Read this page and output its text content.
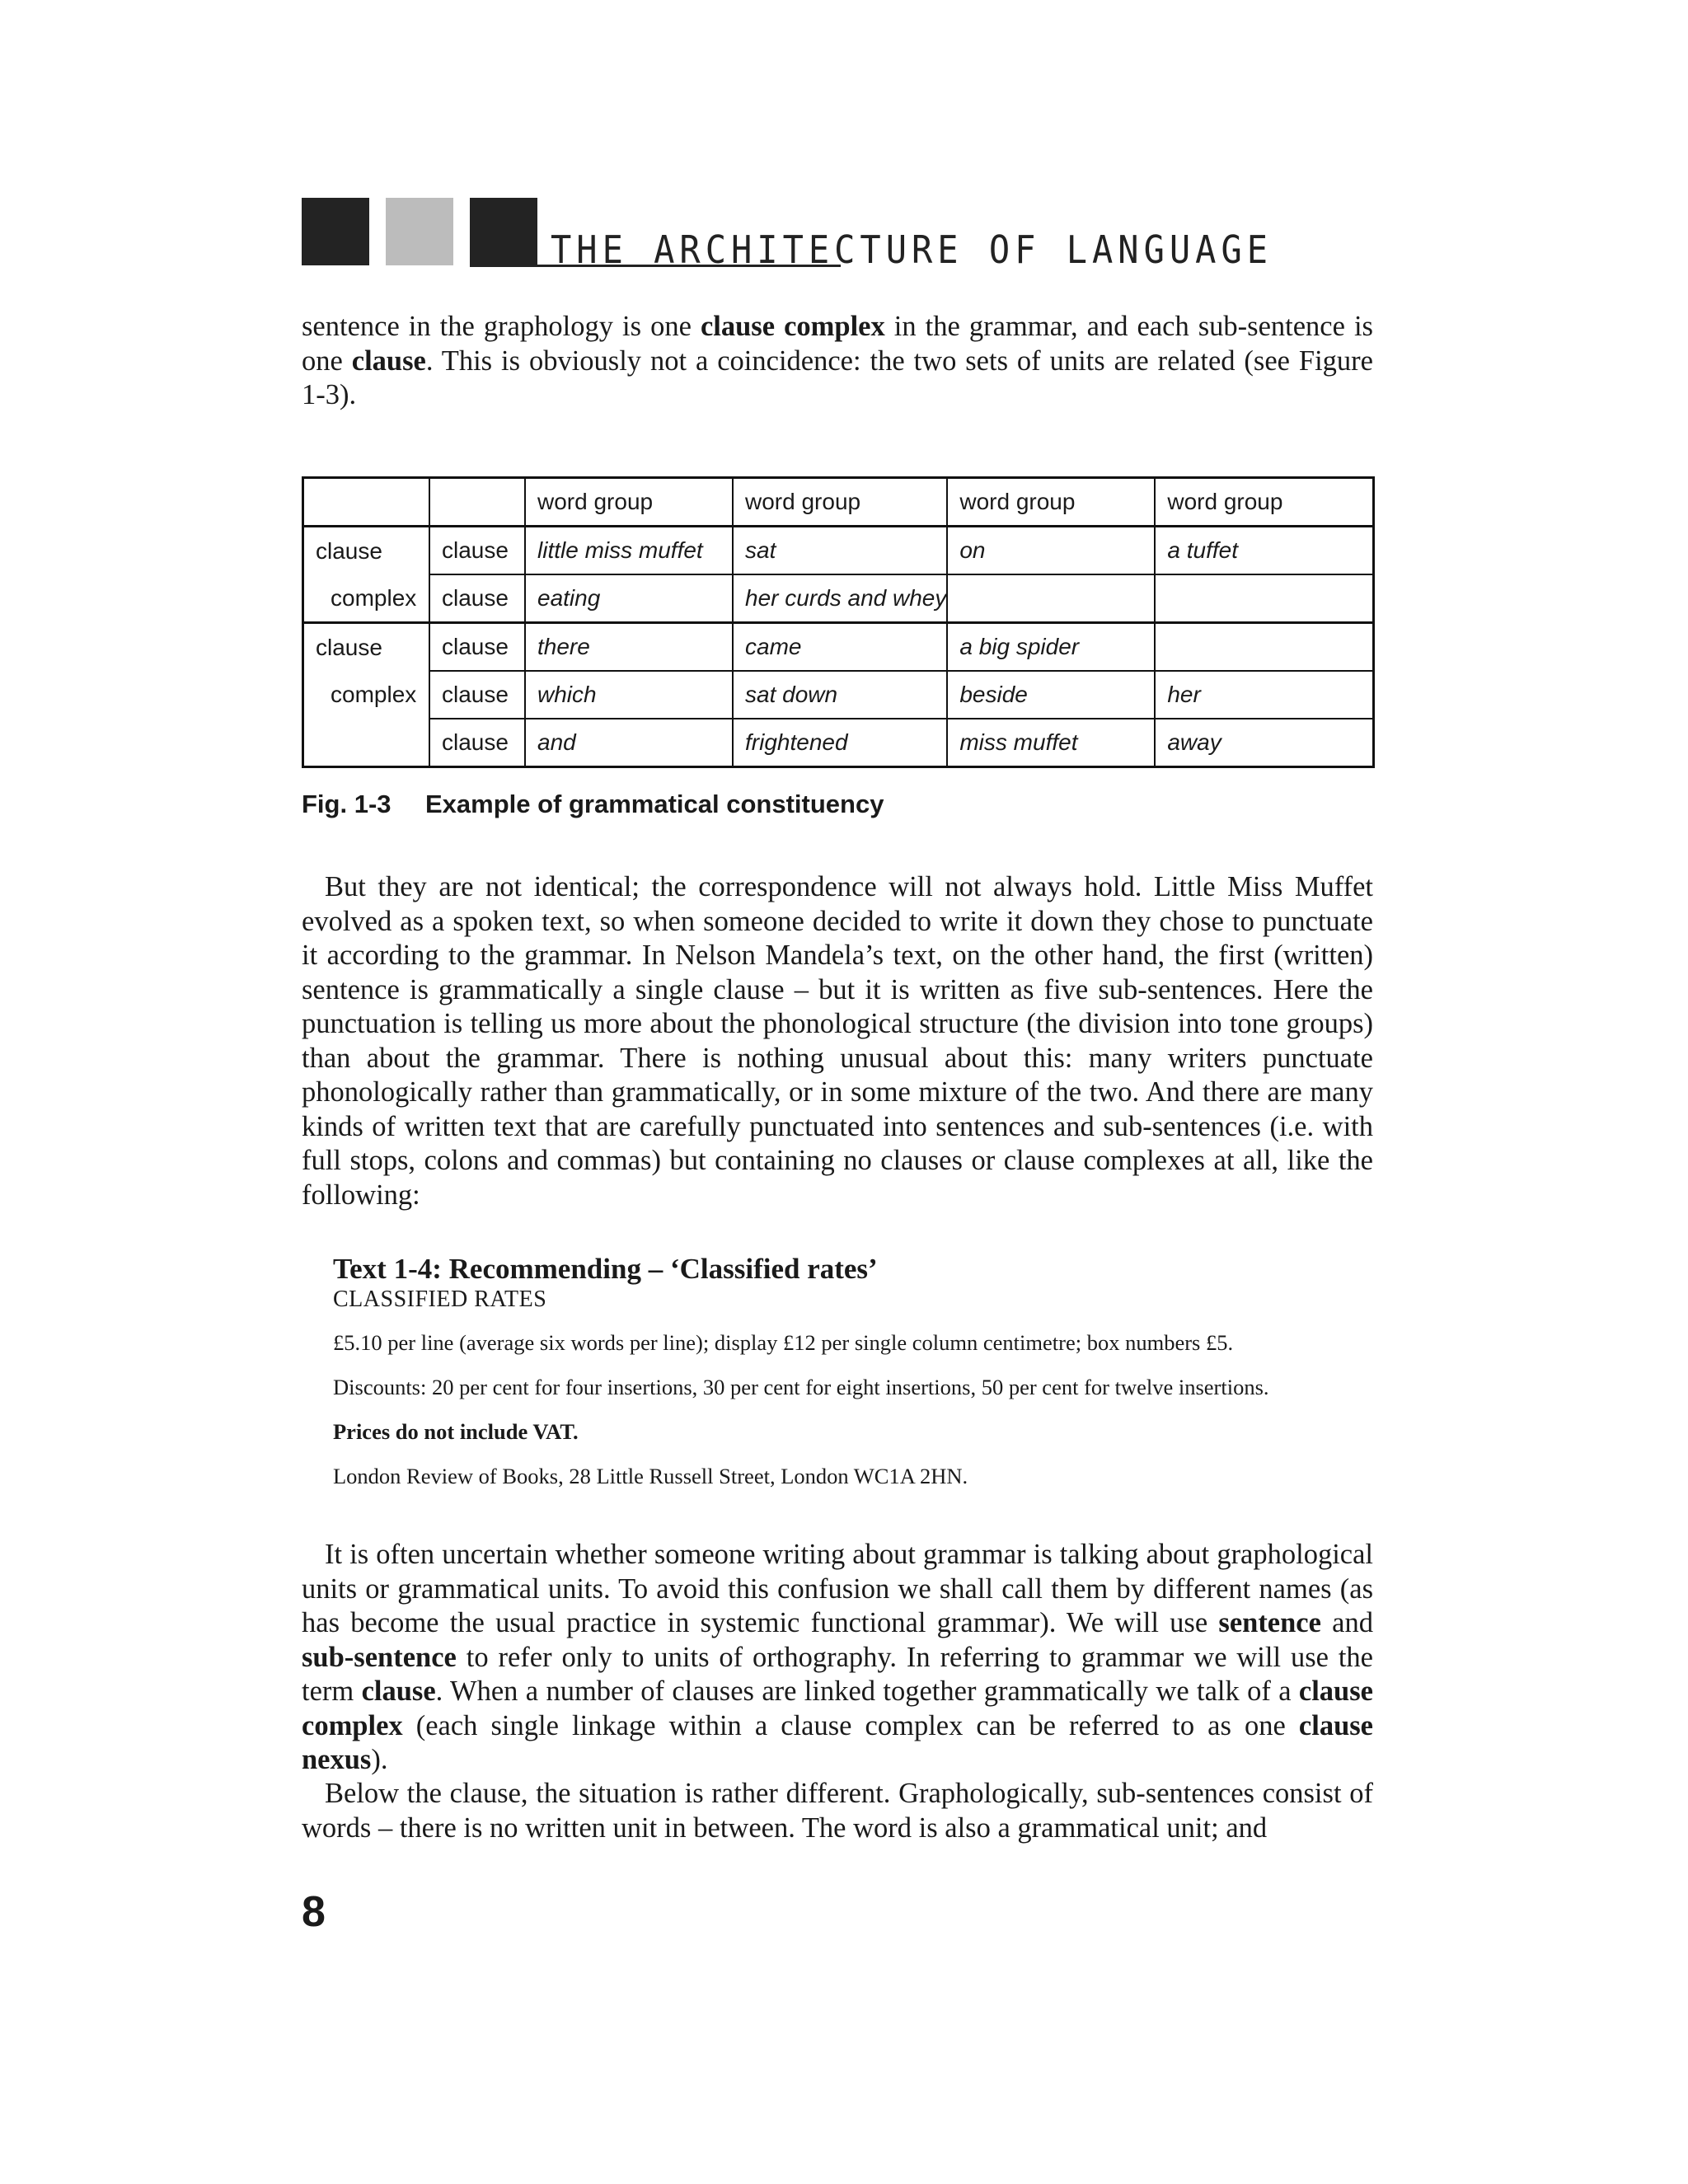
THE ARCHITECTURE OF LANGUAGE

sentence in the graphology is one clause complex in the grammar, and each sub-sentence is one clause. This is obviously not a coincidence: the two sets of units are related (see Figure 1-3).

		word group	word group	word group	word group
clause	clause	little miss muffet	sat	on	a tuffet
complex	clause	eating	her curds and whey		
clause	clause	there	came	a big spider	
complex	clause	which	sat down	beside	her
	clause	and	frightened	miss muffet	away
Fig. 1-3 Example of grammatical constituency

But they are not identical; the correspondence will not always hold. Little Miss Muffet evolved as a spoken text, so when someone decided to write it down they chose to punctuate it according to the grammar. In Nelson Mandela’s text, on the other hand, the first (written) sentence is grammatically a single clause – but it is written as five sub-sentences. Here the punctuation is telling us more about the phonological structure (the division into tone groups) than about the grammar. There is nothing unusual about this: many writers punctuate phonologically rather than grammatically, or in some mixture of the two. And there are many kinds of written text that are carefully punctuated into sentences and sub-sentences (i.e. with full stops, colons and commas) but containing no clauses or clause complexes at all, like the following:

Text 1-4: Recommending – ‘Classified rates’

CLASSIFIED RATES

£5.10 per line (average six words per line); display £12 per single column centimetre; box numbers £5.

Discounts: 20 per cent for four insertions, 30 per cent for eight insertions, 50 per cent for twelve insertions.

Prices do not include VAT.

London Review of Books, 28 Little Russell Street, London WC1A 2HN.

It is often uncertain whether someone writing about grammar is talking about graphological units or grammatical units. To avoid this confusion we shall call them by different names (as has become the usual practice in systemic functional grammar). We will use sentence and sub-sentence to refer only to units of orthography. In referring to grammar we will use the term clause. When a number of clauses are linked together grammatically we talk of a clause complex (each single linkage within a clause complex can be referred to as one clause nexus).

Below the clause, the situation is rather different. Graphologically, sub-sentences consist of words – there is no written unit in between. The word is also a grammatical unit; and

8
